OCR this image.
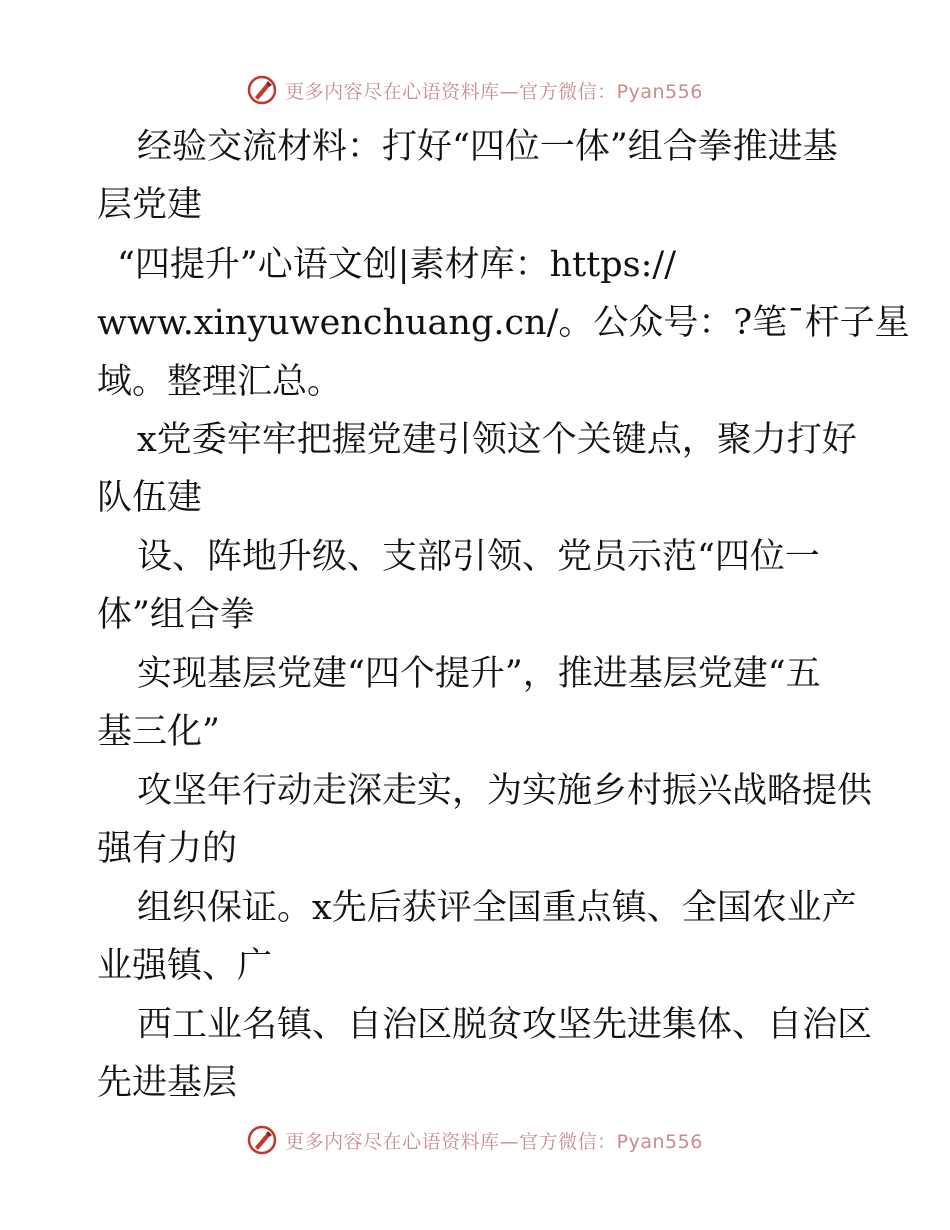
更多内容尽在心语资料库—官方微信：Pyan556
经验交流材料：打好“四位一体”组合拳推进基
层党建
“四提升”心语文创|素材库：https://
www.xinyuwenchuang.cn/。公众号：?笔¯杆子星
域。整理汇总。
x党委牢牢把握党建引领这个关键点，聚力打好
队伍建
设、阵地升级、支部引领、党员示范“四位一
体”组合拳
实现基层党建“四个提升”，推进基层党建“五
基三化”
攻坚年行动走深走实，为实施乡村振兴战略提供
强有力的
组织保证。x先后获评全国重点镇、全国农业产
业强镇、广
西工业名镇、自治区脱贫攻坚先进集体、自治区
先进基层
更多内容尽在心语资料库—官方微信：Pyan556
